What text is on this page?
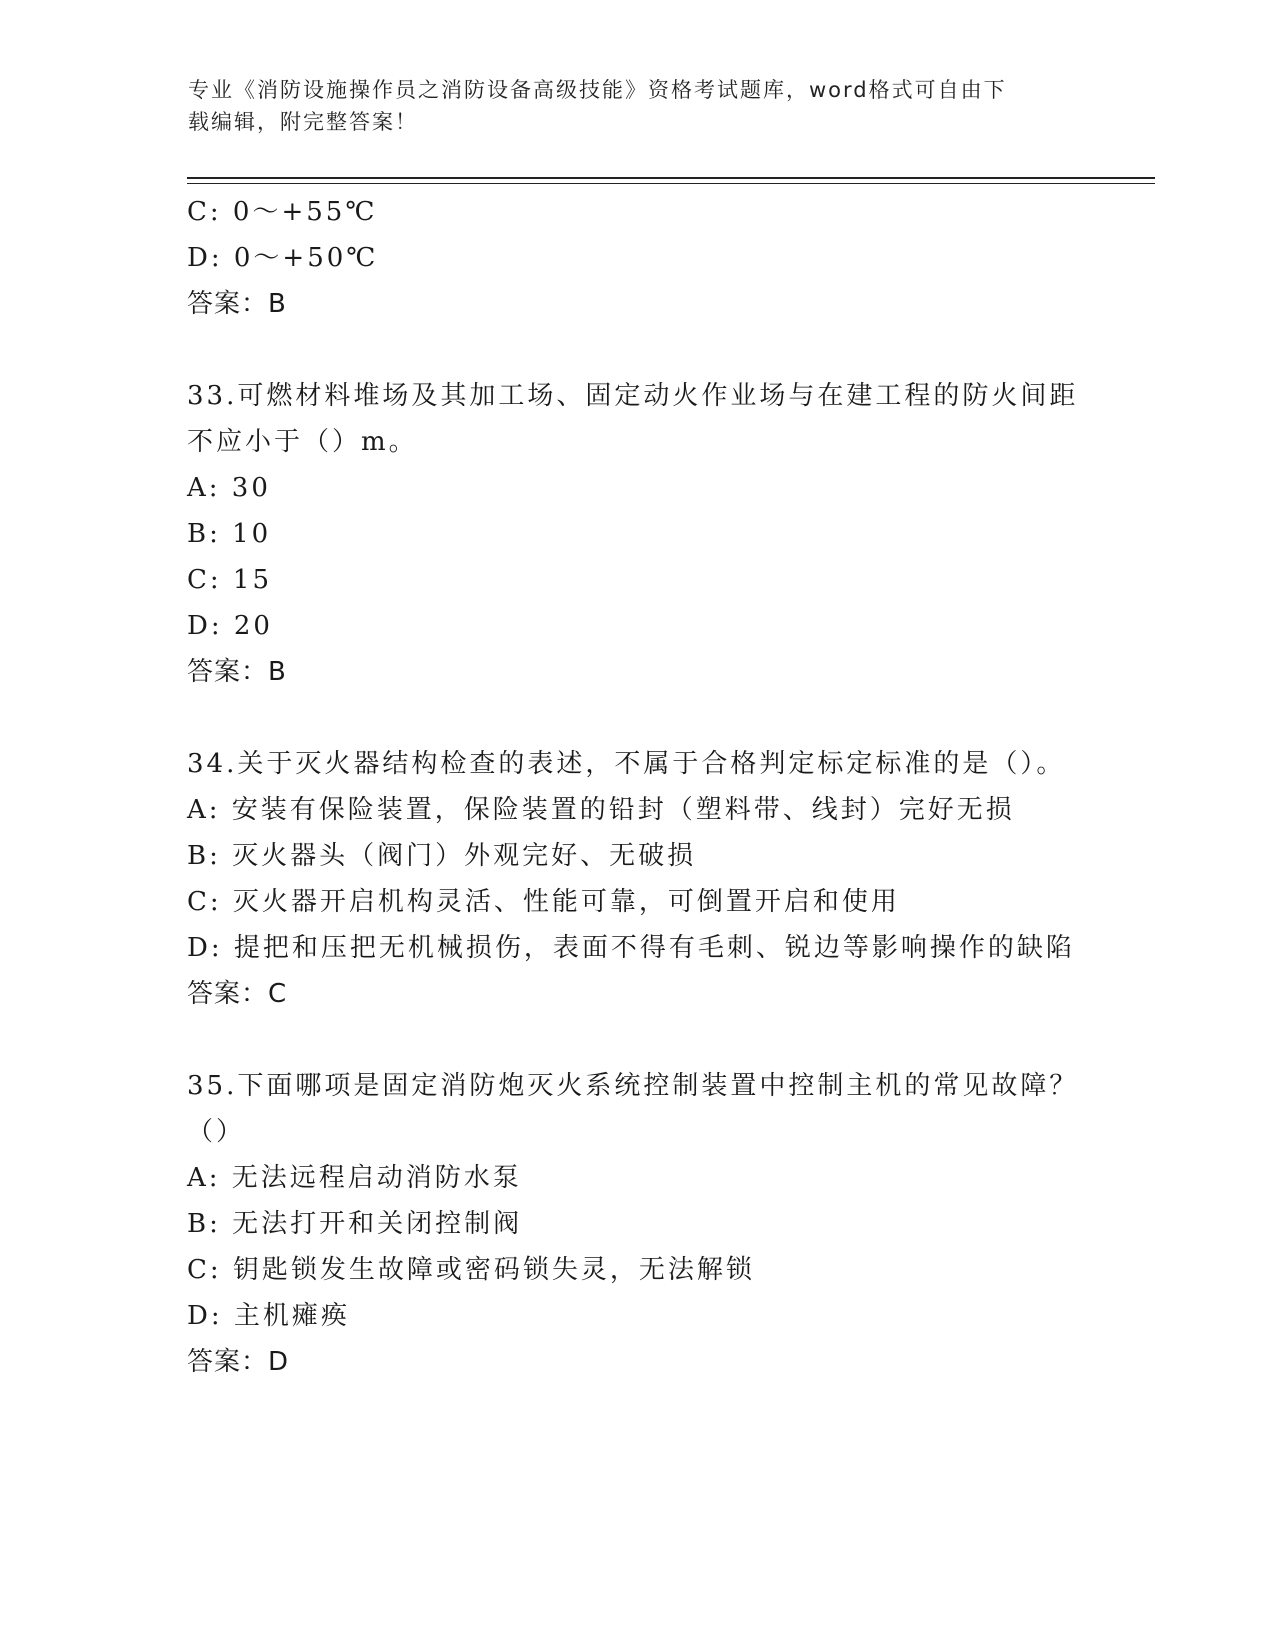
专业《消防设施操作员之消防设备高级技能》资格考试题库，word格式可自由下
载编辑，附完整答案！
C: 0～+55℃
D: 0～+50℃
答案：B
33.可燃材料堆场及其加工场、固定动火作业场与在建工程的防火间距
不应小于（）m。
A: 30
B: 10
C: 15
D: 20
答案：B
34.关于灭火器结构检查的表述，不属于合格判定标定标准的是（）。
A: 安装有保险装置，保险装置的铅封（塑料带、线封）完好无损
B: 灭火器头（阀门）外观完好、无破损
C: 灭火器开启机构灵活、性能可靠，可倒置开启和使用
D: 提把和压把无机械损伤，表面不得有毛刺、锐边等影响操作的缺陷
答案：C
35.下面哪项是固定消防炮灭火系统控制装置中控制主机的常见故障？
（）
A: 无法远程启动消防水泵
B: 无法打开和关闭控制阀
C: 钥匙锁发生故障或密码锁失灵，无法解锁
D: 主机瘫痪
答案：D
